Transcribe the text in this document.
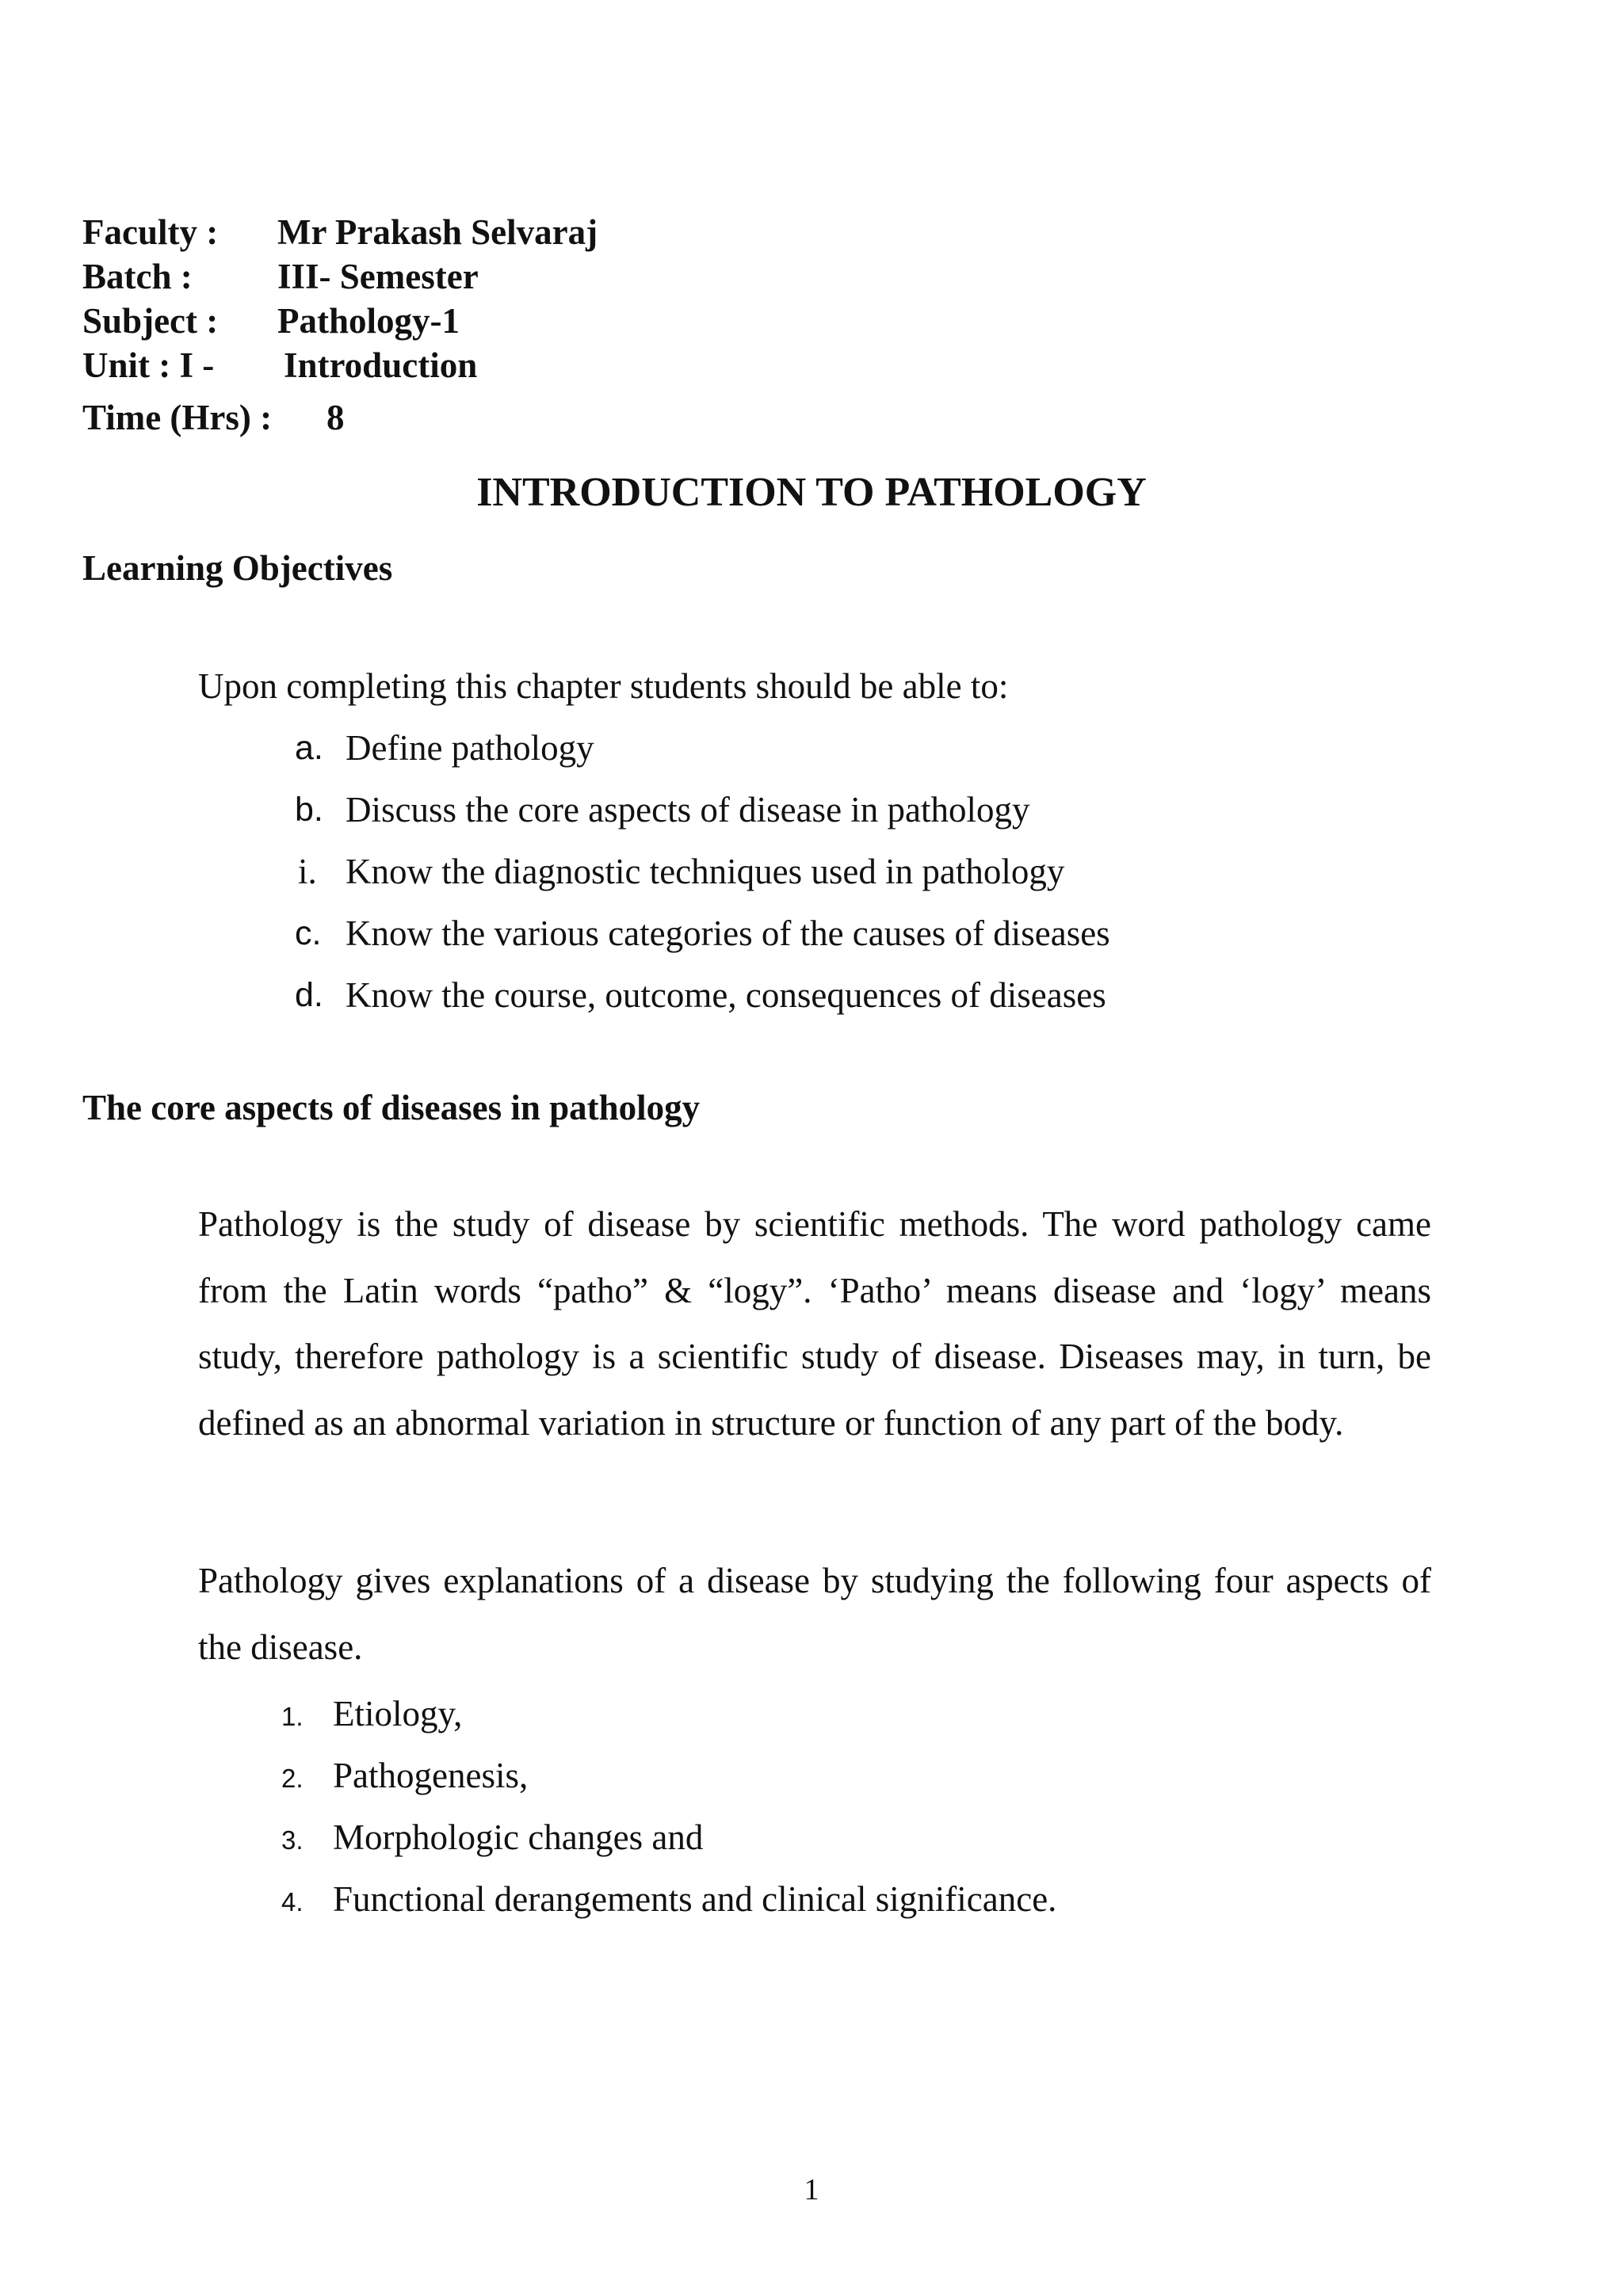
Faculty : Mr Prakash Selvaraj
Batch : III- Semester
Subject : Pathology-1
Unit : I - Introduction
Time (Hrs) : 8
INTRODUCTION TO PATHOLOGY
Learning Objectives
Upon completing this chapter students should be able to:
a. Define pathology
b. Discuss the core aspects of disease in pathology
i. Know the diagnostic techniques used in pathology
c. Know the various categories of the causes of diseases
d. Know the course, outcome, consequences of diseases
The core aspects of diseases in pathology

Pathology is the study of disease by scientific methods. The word pathology came from the Latin words “patho” & “logy”. ‘Patho’ means disease and ‘logy’ means study, therefore pathology is a scientific study of disease. Diseases may, in turn, be defined as an abnormal variation in structure or function of any part of the body.

Pathology gives explanations of a disease by studying the following four aspects of the disease.

1. Etiology,
2. Pathogenesis,
3. Morphologic changes and
4. Functional derangements and clinical significance.
1
